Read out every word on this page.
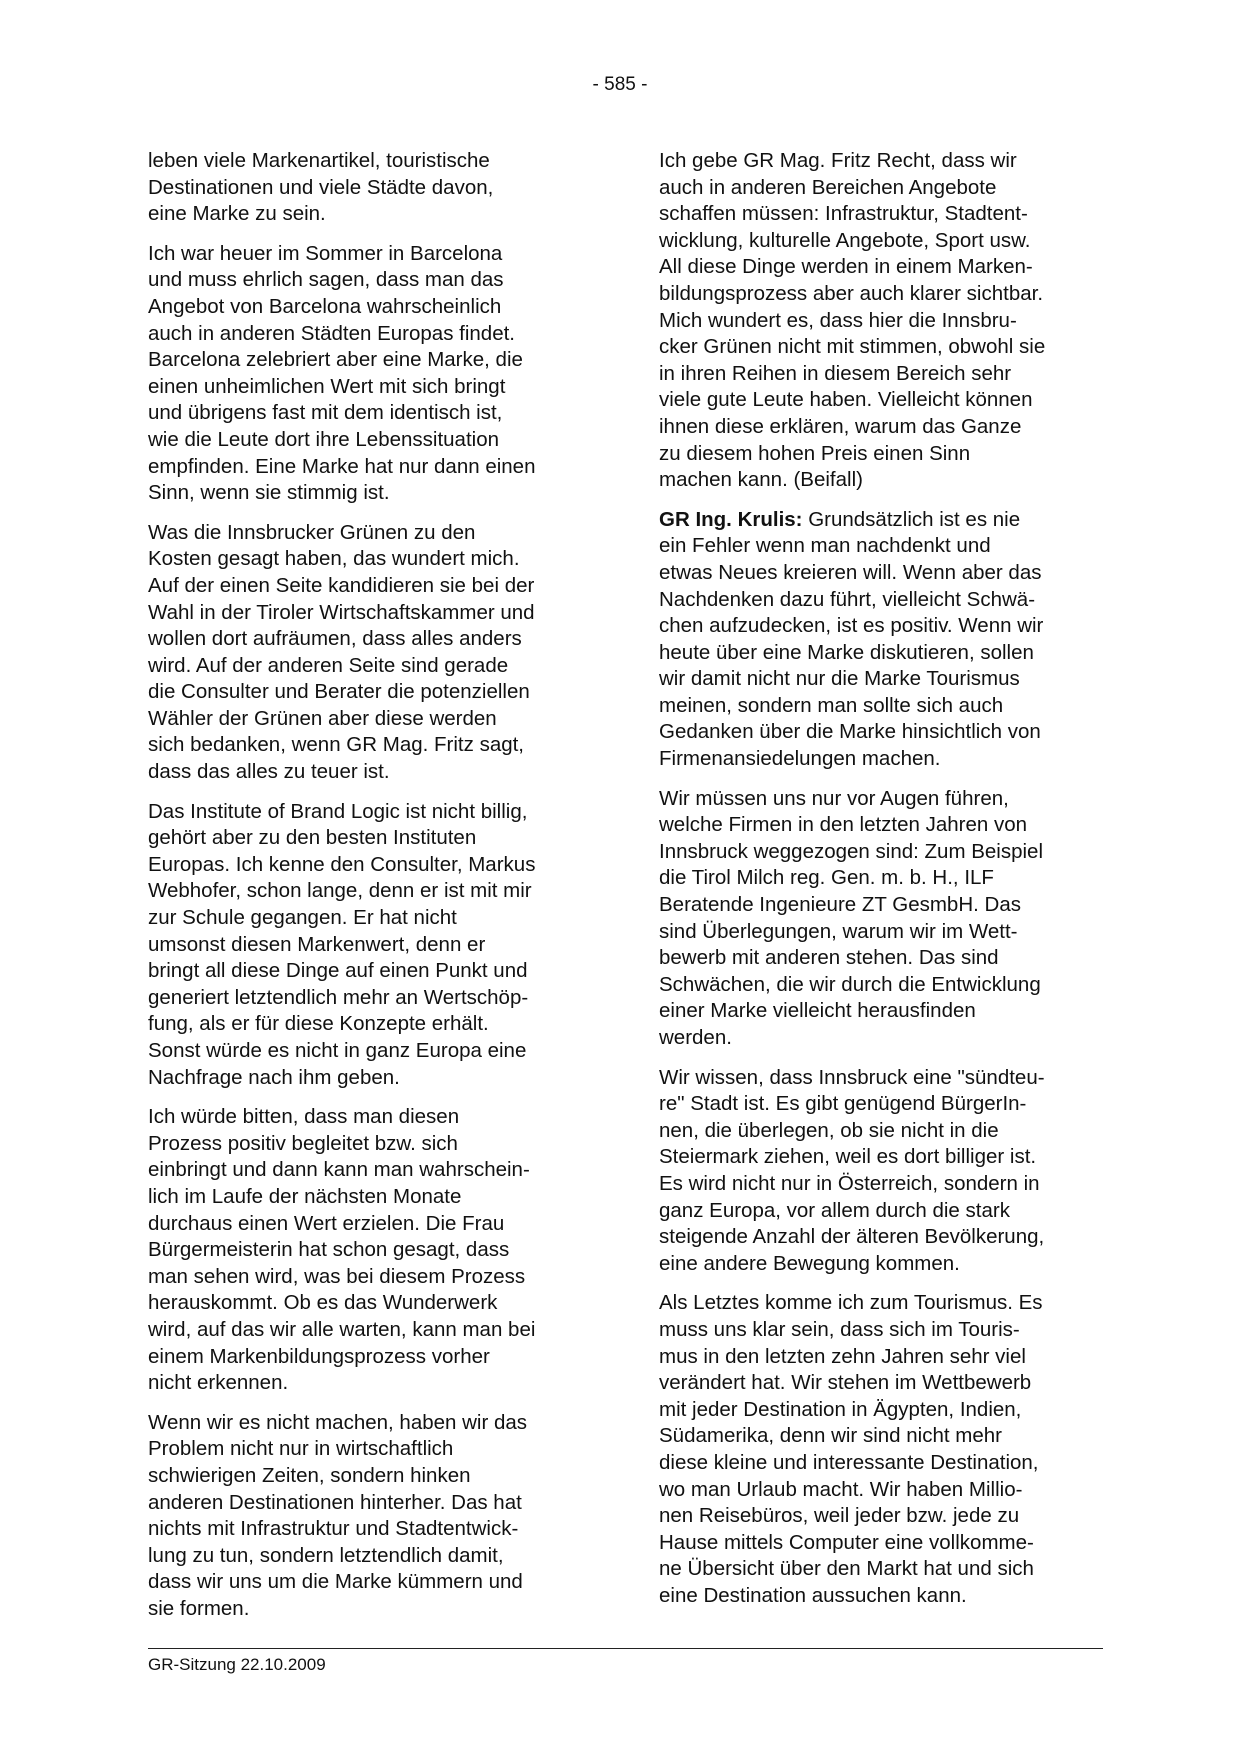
- 585 -

leben viele Markenartikel, touristische
Destinationen und viele Städte davon,
eine Marke zu sein.

Ich war heuer im Sommer in Barcelona
und muss ehrlich sagen, dass man das
Angebot von Barcelona wahrscheinlich
auch in anderen Städten Europas findet.
Barcelona zelebriert aber eine Marke, die
einen unheimlichen Wert mit sich bringt
und übrigens fast mit dem identisch ist,
wie die Leute dort ihre Lebenssituation
empfinden. Eine Marke hat nur dann einen
Sinn, wenn sie stimmig ist.

Was die Innsbrucker Grünen zu den
Kosten gesagt haben, das wundert mich.
Auf der einen Seite kandidieren sie bei der
Wahl in der Tiroler Wirtschaftskammer und
wollen dort aufräumen, dass alles anders
wird. Auf der anderen Seite sind gerade
die Consulter und Berater die potenziellen
Wähler der Grünen aber diese werden
sich bedanken, wenn GR Mag. Fritz sagt,
dass das alles zu teuer ist.

Das Institute of Brand Logic ist nicht billig,
gehört aber zu den besten Instituten
Europas. Ich kenne den Consulter, Markus
Webhofer, schon lange, denn er ist mit mir
zur Schule gegangen. Er hat nicht
umsonst diesen Markenwert, denn er
bringt all diese Dinge auf einen Punkt und
generiert letztendlich mehr an Wertschöp-
fung, als er für diese Konzepte erhält.
Sonst würde es nicht in ganz Europa eine
Nachfrage nach ihm geben.

Ich würde bitten, dass man diesen
Prozess positiv begleitet bzw. sich
einbringt und dann kann man wahrschein-
lich im Laufe der nächsten Monate
durchaus einen Wert erzielen. Die Frau
Bürgermeisterin hat schon gesagt, dass
man sehen wird, was bei diesem Prozess
herauskommt. Ob es das Wunderwerk
wird, auf das wir alle warten, kann man bei
einem Markenbildungsprozess vorher
nicht erkennen.

Wenn wir es nicht machen, haben wir das
Problem nicht nur in wirtschaftlich
schwierigen Zeiten, sondern hinken
anderen Destinationen hinterher. Das hat
nichts mit Infrastruktur und Stadtentwick-
lung zu tun, sondern letztendlich damit,
dass wir uns um die Marke kümmern und
sie formen.

Ich gebe GR Mag. Fritz Recht, dass wir
auch in anderen Bereichen Angebote
schaffen müssen: Infrastruktur, Stadtent-
wicklung, kulturelle Angebote, Sport usw.
All diese Dinge werden in einem Marken-
bildungsprozess aber auch klarer sichtbar.
Mich wundert es, dass hier die Innsbru-
cker Grünen nicht mit stimmen, obwohl sie
in ihren Reihen in diesem Bereich sehr
viele gute Leute haben. Vielleicht können
ihnen diese erklären, warum das Ganze
zu diesem hohen Preis einen Sinn
machen kann. (Beifall)

GR Ing. Krulis: Grundsätzlich ist es nie
ein Fehler wenn man nachdenkt und
etwas Neues kreieren will. Wenn aber das
Nachdenken dazu führt, vielleicht Schwä-
chen aufzudecken, ist es positiv. Wenn wir
heute über eine Marke diskutieren, sollen
wir damit nicht nur die Marke Tourismus
meinen, sondern man sollte sich auch
Gedanken über die Marke hinsichtlich von
Firmenansiedelungen machen.

Wir müssen uns nur vor Augen führen,
welche Firmen in den letzten Jahren von
Innsbruck weggezogen sind: Zum Beispiel
die Tirol Milch reg. Gen. m. b. H., ILF
Beratende Ingenieure ZT GesmbH. Das
sind Überlegungen, warum wir im Wett-
bewerb mit anderen stehen. Das sind
Schwächen, die wir durch die Entwicklung
einer Marke vielleicht herausfinden
werden.

Wir wissen, dass Innsbruck eine "sündteu-
re" Stadt ist. Es gibt genügend BürgerIn-
nen, die überlegen, ob sie nicht in die
Steiermark ziehen, weil es dort billiger ist.
Es wird nicht nur in Österreich, sondern in
ganz Europa, vor allem durch die stark
steigende Anzahl der älteren Bevölkerung,
eine andere Bewegung kommen.

Als Letztes komme ich zum Tourismus. Es
muss uns klar sein, dass sich im Touris-
mus in den letzten zehn Jahren sehr viel
verändert hat. Wir stehen im Wettbewerb
mit jeder Destination in Ägypten, Indien,
Südamerika, denn wir sind nicht mehr
diese kleine und interessante Destination,
wo man Urlaub macht. Wir haben Millio-
nen Reisebüros, weil jeder bzw. jede zu
Hause mittels Computer eine vollkomme-
ne Übersicht über den Markt hat und sich
eine Destination aussuchen kann.

GR-Sitzung 22.10.2009
